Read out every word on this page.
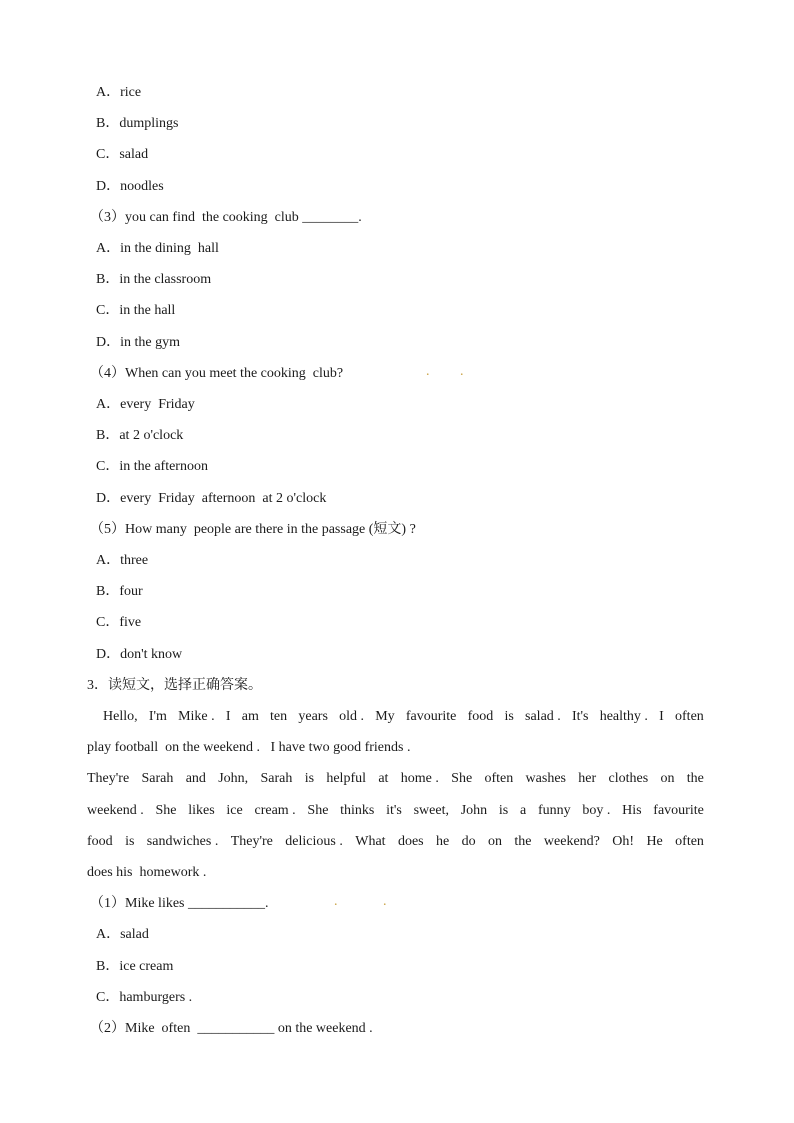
A．rice
B．dumplings
C．salad
D．noodles
（3）you can find  the cooking  club ________.
A．in the dining  hall
B．in the classroom
C．in the hall
D．in the gym
（4）When can you meet the cooking  club?	. .
A．every  Friday
B．at 2 o'clock
C．in the afternoon
D．every  Friday  afternoon  at 2 o'clock
（5）How many  people are there in the passage (短文) ?
A．three
B．four
C．five
D．don't know
3．读短文，选择正确答案。
Hello, I'm Mike . I am ten years old . My favourite food is salad . It's healthy . I often
play football  on the weekend .   I have two good friends .
They're Sarah and John, Sarah is helpful at home . She often washes her clothes on the
weekend . She likes ice cream . She thinks it's sweet, John is a funny boy . His favourite
food is sandwiches . They're delicious . What does he do on the weekend? Oh! He often
does his  homework .
（1）Mike likes ___________.	.	.
A．salad
B．ice cream
C．hamburgers .
（2）Mike  often  ___________ on the weekend .
